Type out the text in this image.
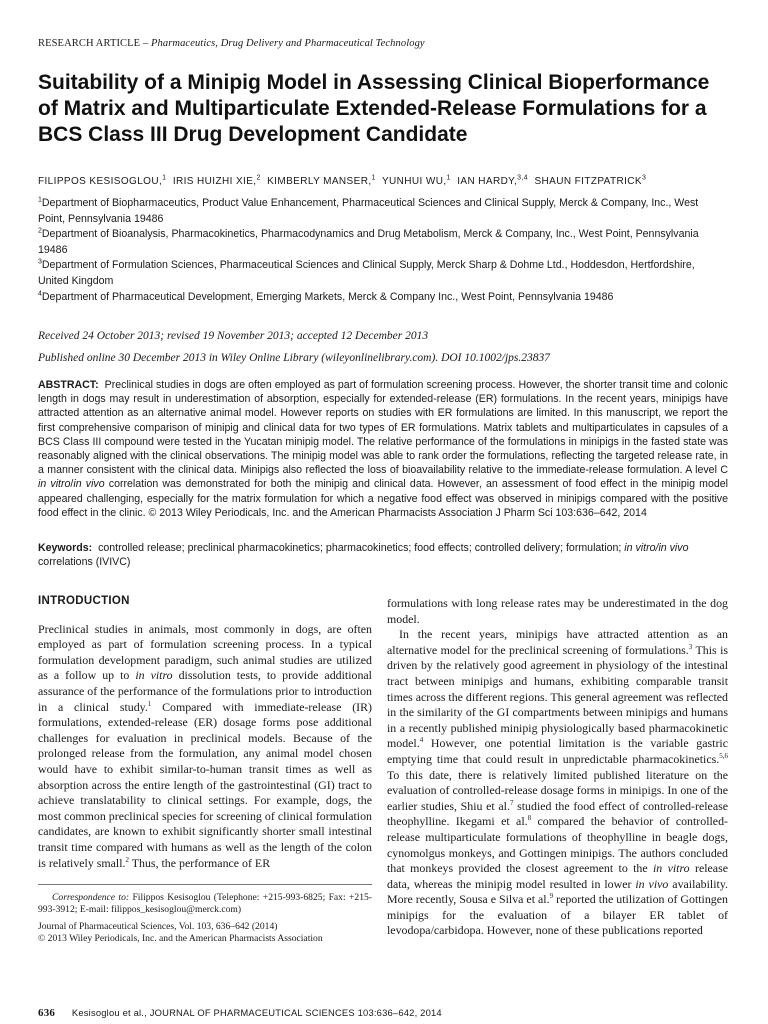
RESEARCH ARTICLE – Pharmaceutics, Drug Delivery and Pharmaceutical Technology
Suitability of a Minipig Model in Assessing Clinical Bioperformance of Matrix and Multiparticulate Extended-Release Formulations for a BCS Class III Drug Development Candidate
FILIPPOS KESISOGLOU,$^1$ IRIS HUIZHI XIE,$^2$ KIMBERLY MANSER,$^1$ YUNHUI WU,$^1$ IAN HARDY,$^{3,4}$ SHAUN FITZPATRICK$^3$

$^1$Department of Biopharmaceutics, Product Value Enhancement, Pharmaceutical Sciences and Clinical Supply, Merck & Company, Inc., West Point, Pennsylvania 19486

$^2$Department of Bioanalysis, Pharmacokinetics, Pharmacodynamics and Drug Metabolism, Merck & Company, Inc., West Point, Pennsylvania 19486

$^3$Department of Formulation Sciences, Pharmaceutical Sciences and Clinical Supply, Merck Sharp & Dohme Ltd., Hoddesdon, Hertfordshire, United Kingdom

$^4$Department of Pharmaceutical Development, Emerging Markets, Merck & Company Inc., West Point, Pennsylvania 19486

Received 24 October 2013; revised 19 November 2013; accepted 12 December 2013
Published online 30 December 2013 in Wiley Online Library (wileyonlinelibrary.com). DOI 10.1002/jps.23837
ABSTRACT: Preclinical studies in dogs are often employed as part of formulation screening process. However, the shorter transit time and colonic length in dogs may result in underestimation of absorption, especially for extended-release (ER) formulations. In the recent years, minipigs have attracted attention as an alternative animal model. However reports on studies with ER formulations are limited. In this manuscript, we report the first comprehensive comparison of minipig and clinical data for two types of ER formulations. Matrix tablets and multiparticulates in capsules of a BCS Class III compound were tested in the Yucatan minipig model. The relative performance of the formulations in minipigs in the fasted state was reasonably aligned with the clinical observations. The minipig model was able to rank order the formulations, reflecting the targeted release rate, in a manner consistent with the clinical data. Minipigs also reflected the loss of bioavailability relative to the immediate-release formulation. A level C in vitro/in vivo correlation was demonstrated for both the minipig and clinical data. However, an assessment of food effect in the minipig model appeared challenging, especially for the matrix formulation for which a negative food effect was observed in minipigs compared with the positive food effect in the clinic. © 2013 Wiley Periodicals, Inc. and the American Pharmacists Association J Pharm Sci 103:636–642, 2014
Keywords: controlled release; preclinical pharmacokinetics; pharmacokinetics; food effects; controlled delivery; formulation; in vitro/in vivo correlations (IVIVC)
INTRODUCTION

Preclinical studies in animals, most commonly in dogs, are often employed as part of formulation screening process. In a typical formulation development paradigm, such animal studies are utilized as a follow up to in vitro dissolution tests, to provide additional assurance of the performance of the formulations prior to introduction in a clinical study.$^1$ Compared with immediate-release (IR) formulations, extended-release (ER) dosage forms pose additional challenges for evaluation in preclinical models. Because of the prolonged release from the formulation, any animal model chosen would have to exhibit similar-to-human transit times as well as absorption across the entire length of the gastrointestinal (GI) tract to achieve translatability to clinical settings. For example, dogs, the most common preclinical species for screening of clinical formulation candidates, are known to exhibit significantly shorter small intestinal transit time compared with humans as well as the length of the colon is relatively small.$^2$ Thus, the performance of ER

Correspondence to: Filippos Kesisoglou (Telephone: +215-993-6825; Fax: +215-993-3912; E-mail: filippos_kesisoglou@merck.com)

Journal of Pharmaceutical Sciences, Vol. 103, 636–642 (2014)

© 2013 Wiley Periodicals, Inc. and the American Pharmacists Association

formulations with long release rates may be underestimated in the dog model.

In the recent years, minipigs have attracted attention as an alternative model for the preclinical screening of formulations.$^3$ This is driven by the relatively good agreement in physiology of the intestinal tract between minipigs and humans, exhibiting comparable transit times across the different regions. This general agreement was reflected in the similarity of the GI compartments between minipigs and humans in a recently published minipig physiologically based pharmacokinetic model.$^4$ However, one potential limitation is the variable gastric emptying time that could result in unpredictable pharmacokinetics.$^{5,6}$ To this date, there is relatively limited published literature on the evaluation of controlled-release dosage forms in minipigs. In one of the earlier studies, Shiu et al.$^7$ studied the food effect of controlled-release theophylline. Ikegami et al.$^8$ compared the behavior of controlled-release multiparticulate formulations of theophylline in beagle dogs, cynomolgus monkeys, and Gottingen minipigs. The authors concluded that monkeys provided the closest agreement to the in vitro release data, whereas the minipig model resulted in lower in vivo availability. More recently, Sousa e Silva et al.$^9$ reported the utilization of Gottingen minipigs for the evaluation of a bilayer ER tablet of levodopa/carbidopa. However, none of these publications reported

636 Kesisoglou et al., JOURNAL OF PHARMACEUTICAL SCIENCES 103:636–642, 2014
